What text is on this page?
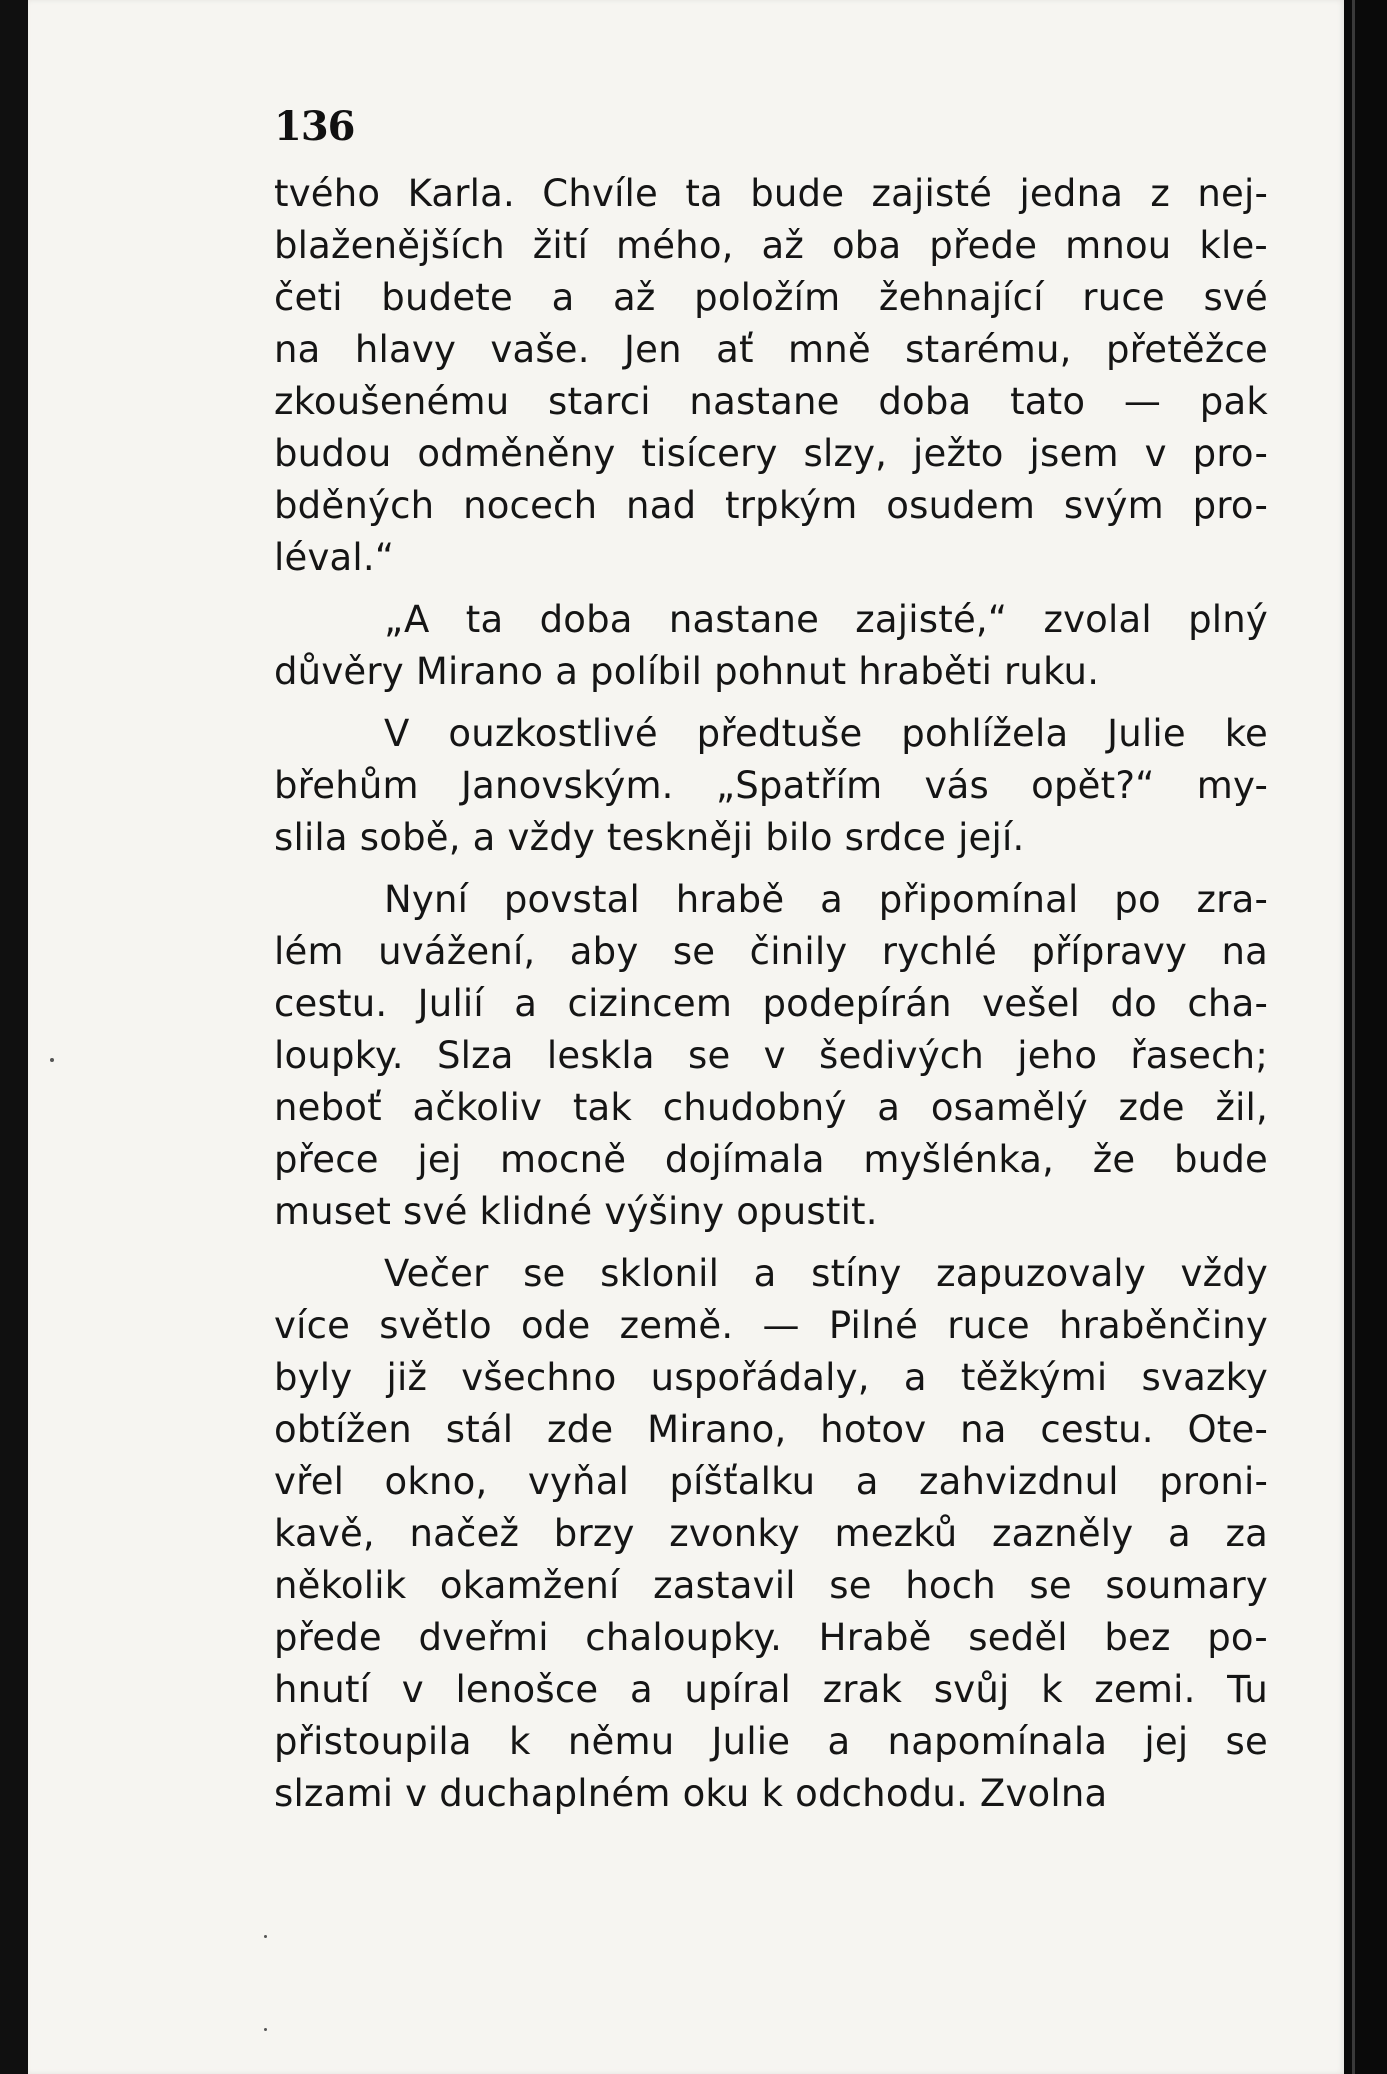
136
tvého Karla. Chvíle ta bude zajisté jedna z nej-
blaženějších žití mého, až oba přede mnou kle-
četi budete a až položím žehnající ruce své
na hlavy vaše. Jen ať mně starému, přetěžce
zkoušenému starci nastane doba tato — pak
budou odměněny tisícery slzy, ježto jsem v pro-
bděných nocech nad trpkým osudem svým pro-
léval.“
„A ta doba nastane zajisté,“ zvolal plný
důvěry Mirano a políbil pohnut hraběti ruku.
V ouzkostlivé předtuše pohlížela Julie ke
břehům Janovským. „Spatřím vás opět?“ my-
slila sobě, a vždy teskněji bilo srdce její.
Nyní povstal hrabě a připomínal po zra-
lém uvážení, aby se činily rychlé přípravy na
cestu. Julií a cizincem podepírán vešel do cha-
loupky. Slza leskla se v šedivých jeho řasech;
neboť ačkoliv tak chudobný a osamělý zde žil,
přece jej mocně dojímala myšlénka, že bude
muset své klidné výšiny opustit.
Večer se sklonil a stíny zapuzovaly vždy
více světlo ode země. — Pilné ruce hraběnčiny
byly již všechno uspořádaly, a těžkými svazky
obtížen stál zde Mirano, hotov na cestu. Ote-
vřel okno, vyňal píšťalku a zahvizdnul proni-
kavě, načež brzy zvonky mezků zazněly a za
několik okamžení zastavil se hoch se soumary
přede dveřmi chaloupky. Hrabě seděl bez po-
hnutí v lenošce a upíral zrak svůj k zemi. Tu
přistoupila k němu Julie a napomínala jej se
slzami v duchaplném oku k odchodu. Zvolna
